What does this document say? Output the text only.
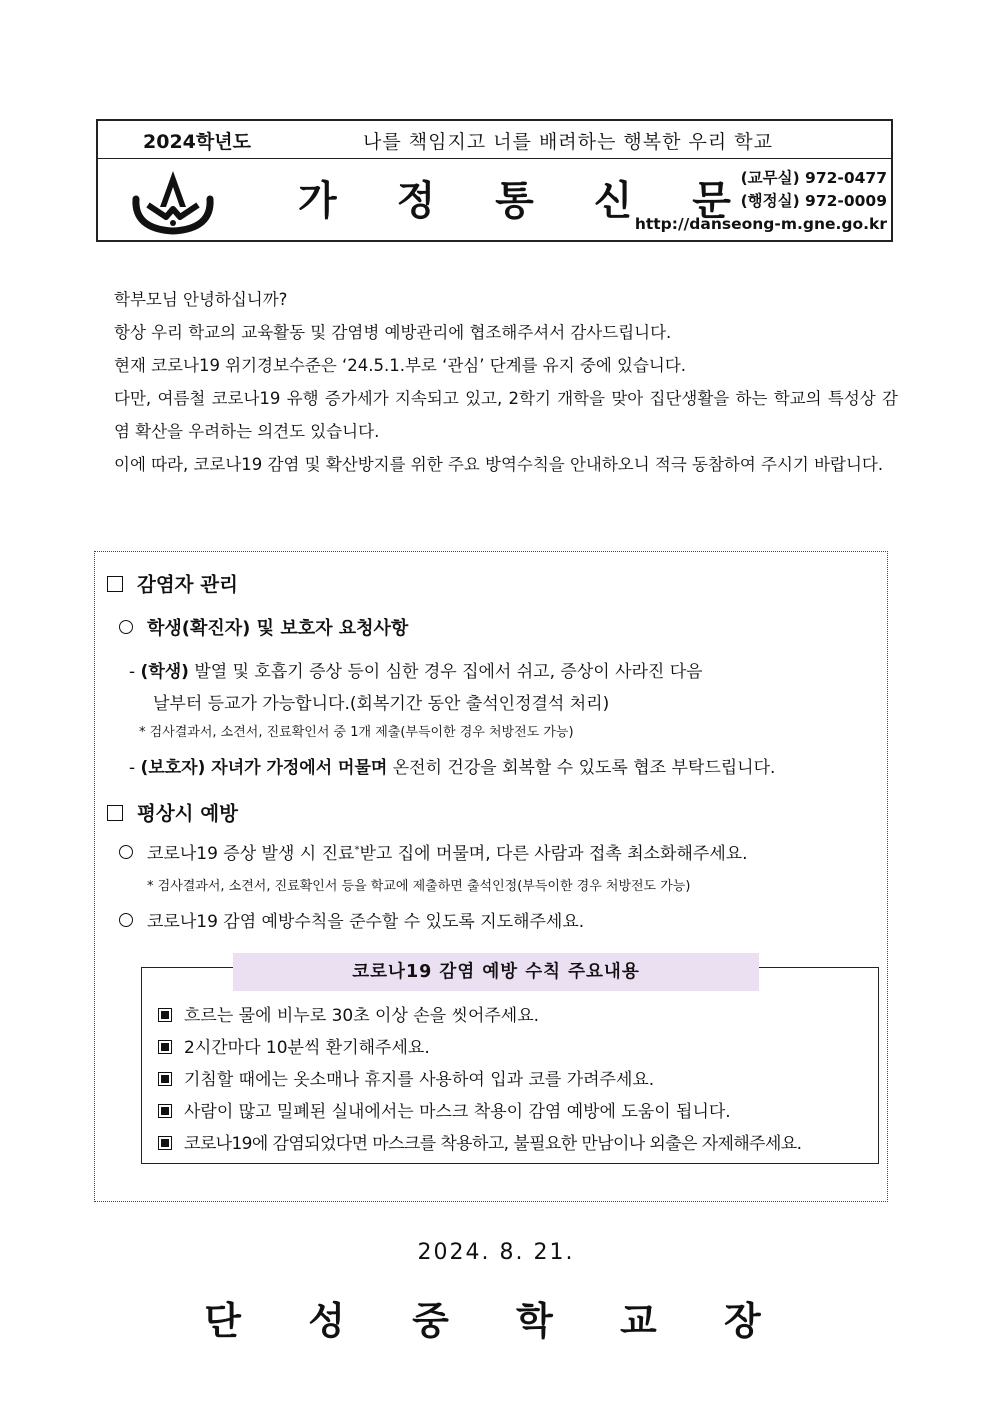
2024학년도	나를 책임지고 너를 배려하는 행복한 우리 학교
가 정 통 신 문
(교무실) 972-0477
(행정실) 972-0009
http://danseong-m.gne.go.kr

학부모님 안녕하십니까?

항상 우리 학교의 교육활동 및 감염병 예방관리에 협조해주셔서 감사드립니다.

현재 코로나19 위기경보수준은 ‘24.5.1.부로 ‘관심’ 단계를 유지 중에 있습니다.

다만, 여름철 코로나19 유행 증가세가 지속되고 있고, 2학기 개학을 맞아 집단생활을 하는 학교의 특성상 감염 확산을 우려하는 의견도 있습니다.

이에 따라, 코로나19 감염 및 확산방지를 위한 주요 방역수칙을 안내하오니 적극 동참하여 주시기 바랍니다.

감염자 관리
학생(확진자) 및 보호자 요청사항
- (학생) 발열 및 호흡기 증상 등이 심한 경우 집에서 쉬고, 증상이 사라진 다음
날부터 등교가 가능합니다.(회복기간 동안 출석인정결석 처리)
* 검사결과서, 소견서, 진료확인서 중 1개 제출(부득이한 경우 처방전도 가능)
- (보호자) 자녀가 가정에서 머물며 온전히 건강을 회복할 수 있도록 협조 부탁드립니다.
평상시 예방
코로나19 증상 발생 시 진료*받고 집에 머물며, 다른 사람과 접촉 최소화해주세요.
* 검사결과서, 소견서, 진료확인서 등을 학교에 제출하면 출석인정(부득이한 경우 처방전도 가능)
코로나19 감염 예방수칙을 준수할 수 있도록 지도해주세요.
흐르는 물에 비누로 30초 이상 손을 씻어주세요.
2시간마다 10분씩 환기해주세요.
기침할 때에는 옷소매나 휴지를 사용하여 입과 코를 가려주세요.
사람이 많고 밀폐된 실내에서는 마스크 착용이 감염 예방에 도움이 됩니다.
코로나19에 감염되었다면 마스크를 착용하고, 불필요한 만남이나 외출은 자제해주세요.
코로나19 감염 예방 수칙 주요내용
2024. 8. 21.
단 성 중 학 교 장
